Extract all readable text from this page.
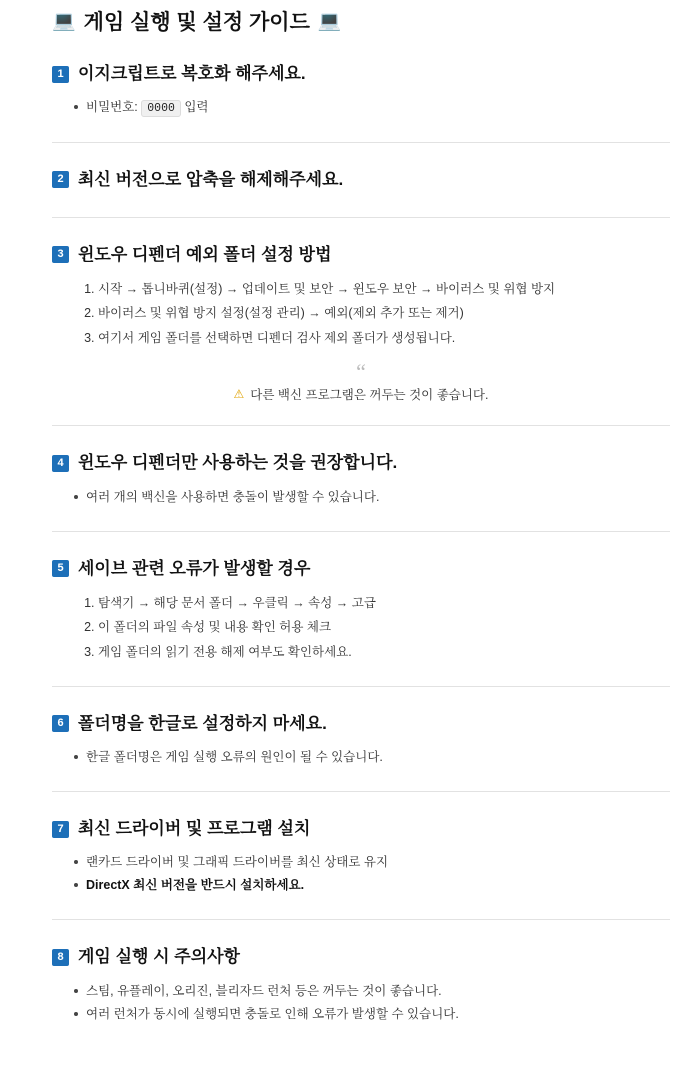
💻 게임 실행 및 설정 가이드 💻
1 이지크립트로 복호화 해주세요.
비밀번호: 0000 입력
2 최신 버전으로 압축을 해제해주세요.
3 윈도우 디펜더 예외 폴더 설정 방법
1. 시작 → 톱니바퀴(설정) → 업데이트 및 보안 → 윈도우 보안 → 바이러스 및 위협 방지
2. 바이러스 및 위협 방지 설정(설정 관리) → 예외(제외 추가 또는 제거)
3. 여기서 게임 폴더를 선택하면 디펜더 검사 제외 폴더가 생성됩니다.
“
⚠ 다른 백신 프로그램은 꺼두는 것이 좋습니다.
4 윈도우 디펜더만 사용하는 것을 권장합니다.
여러 개의 백신을 사용하면 충돌이 발생할 수 있습니다.
5 세이브 관련 오류가 발생할 경우
1. 탐색기 → 해당 문서 폴더 → 우클릭 → 속성 → 고급
2. 이 폴더의 파일 속성 및 내용 확인 허용 체크
3. 게임 폴더의 읽기 전용 해제 여부도 확인하세요.
6 폴더명을 한글로 설정하지 마세요.
한글 폴더명은 게임 실행 오류의 원인이 될 수 있습니다.
7 최신 드라이버 및 프로그램 설치
랜카드 드라이버 및 그래픽 드라이버를 최신 상태로 유지
DirectX 최신 버전을 반드시 설치하세요.
8 게임 실행 시 주의사항
스팀, 유플레이, 오리진, 블리자드 런처 등은 꺼두는 것이 좋습니다.
여러 런처가 동시에 실행되면 충돌로 인해 오류가 발생할 수 있습니다.
